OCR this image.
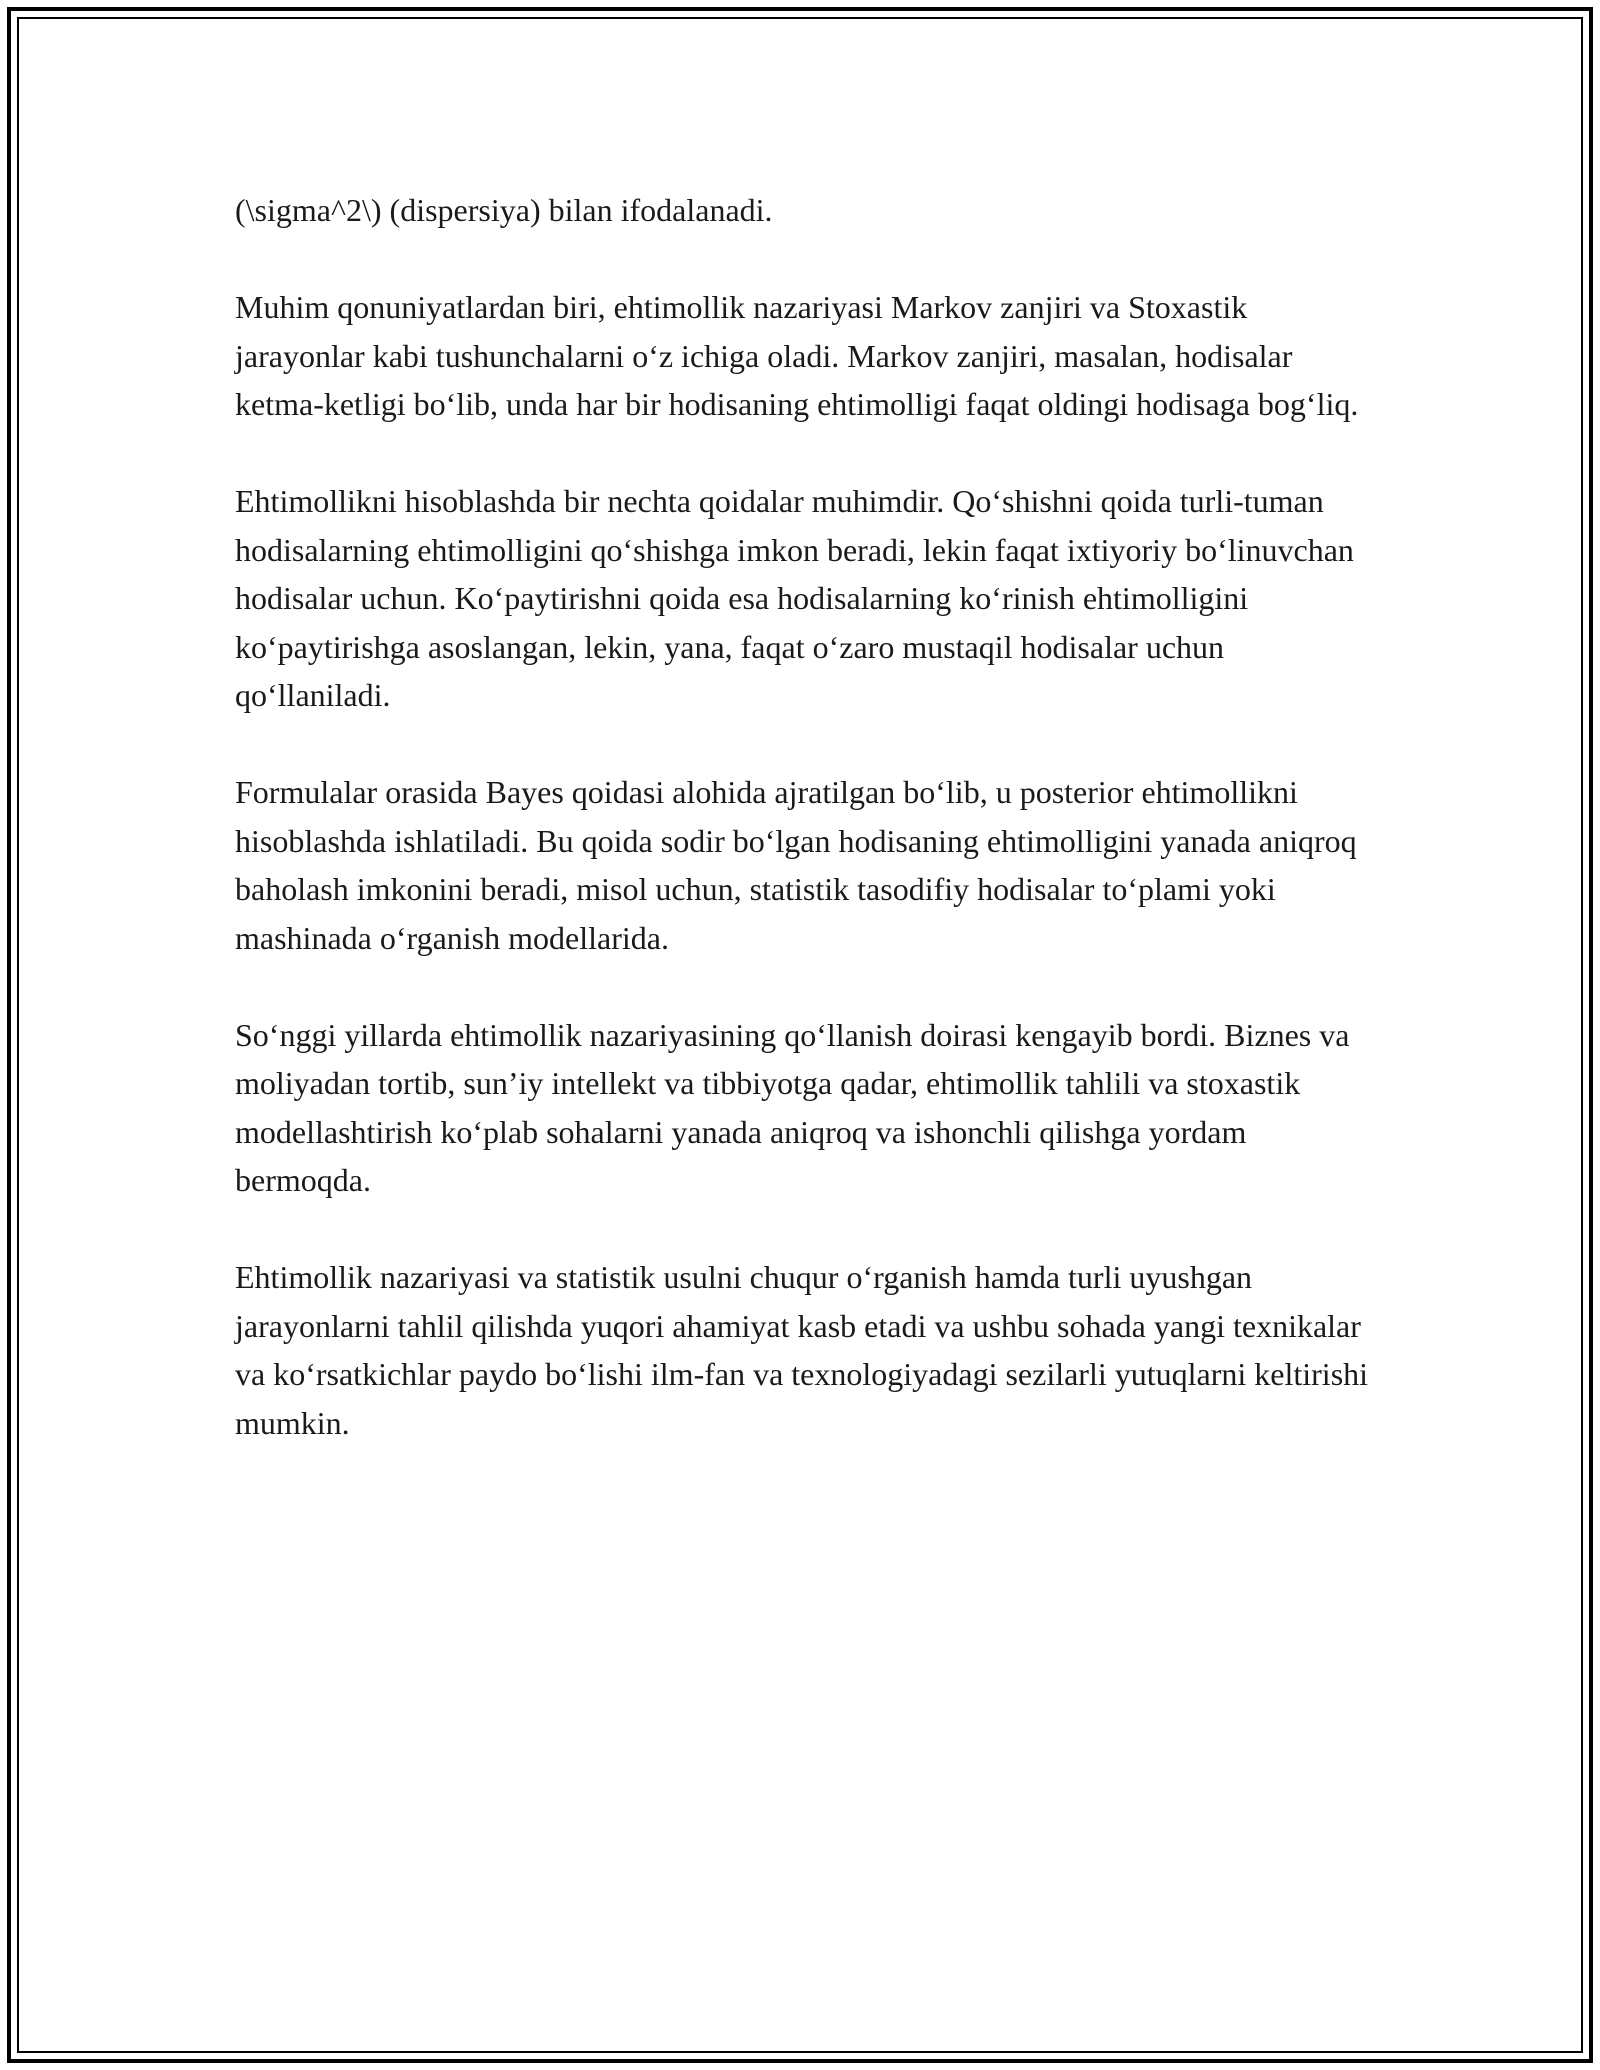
(\sigma^2\) (dispersiya) bilan ifodalanadi.

Muhim qonuniyatlardan biri, ehtimollik nazariyasi Markov zanjiri va Stoxastik jarayonlar kabi tushunchalarni o‘z ichiga oladi. Markov zanjiri, masalan, hodisalar ketma-ketligi bo‘lib, unda har bir hodisaning ehtimolligi faqat oldingi hodisaga bog‘liq.

Ehtimollikni hisoblashda bir nechta qoidalar muhimdir. Qo‘shishni qoida turli-tuman hodisalarning ehtimolligini qo‘shishga imkon beradi, lekin faqat ixtiyoriy bo‘linuvchan hodisalar uchun. Ko‘paytirishni qoida esa hodisalarning ko‘rinish ehtimolligini ko‘paytirishga asoslangan, lekin, yana, faqat o‘zaro mustaqil hodisalar uchun qo‘llaniladi.

Formulalar orasida Bayes qoidasi alohida ajratilgan bo‘lib, u posterior ehtimollikni hisoblashda ishlatiladi. Bu qoida sodir bo‘lgan hodisaning ehtimolligini yanada aniqroq baholash imkonini beradi, misol uchun, statistik tasodifiy hodisalar to‘plami yoki mashinada o‘rganish modellarida.

So‘nggi yillarda ehtimollik nazariyasining qo‘llanish doirasi kengayib bordi. Biznes va moliyadan tortib, sun’iy intellekt va tibbiyotga qadar, ehtimollik tahlili va stoxastik modellashtirish ko‘plab sohalarni yanada aniqroq va ishonchli qilishga yordam bermoqda.

Ehtimollik nazariyasi va statistik usulni chuqur o‘rganish hamda turli uyushgan jarayonlarni tahlil qilishda yuqori ahamiyat kasb etadi va ushbu sohada yangi texnikalar va ko‘rsatkichlar paydo bo‘lishi ilm-fan va texnologiyadagi sezilarli yutuqlarni keltirishi mumkin.
